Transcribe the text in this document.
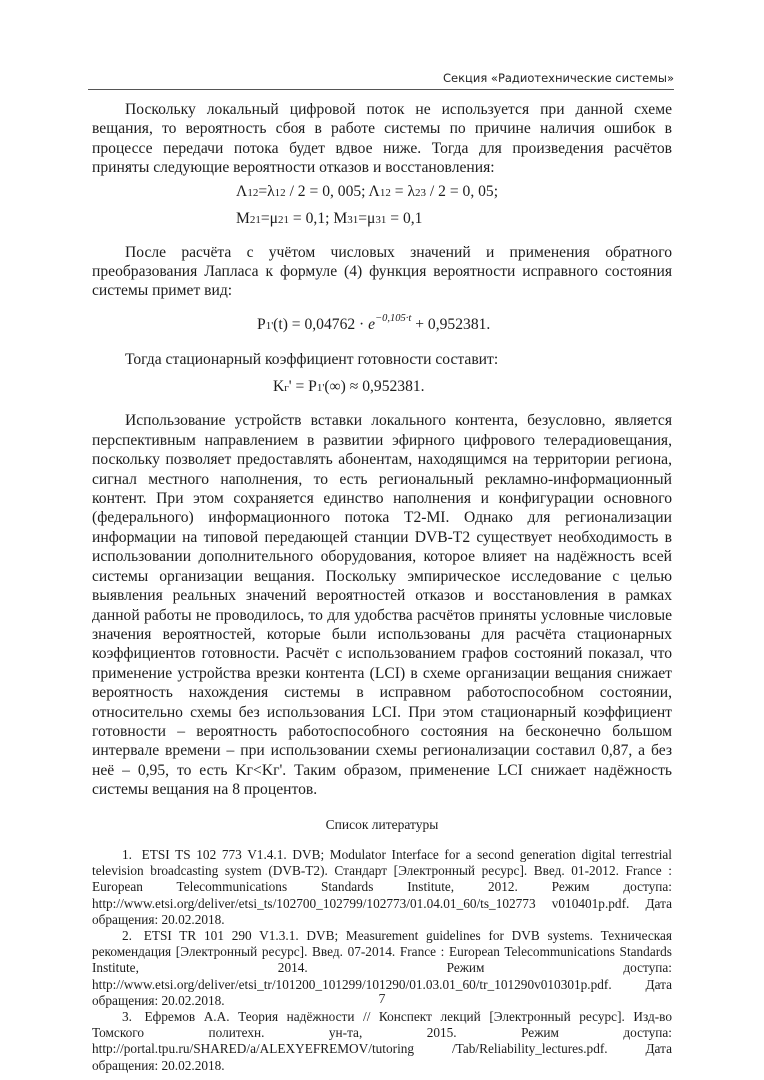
Секция «Радиотехнические системы»

Поскольку локальный цифровой поток не используется при данной схеме вещания, то вероятность сбоя в работе системы по причине наличия ошибок в процессе передачи потока будет вдвое ниже. Тогда для произведения расчётов приняты следующие вероятности отказов и восстановления:

Λ12=λ12 / 2 = 0, 005; Λ12 = λ23 / 2 = 0, 05;
M21=μ21 = 0,1; M31=μ31 = 0,1

После расчёта с учётом числовых значений и применения обратного преобразования Лапласа к формуле (4) функция вероятности исправного состояния системы примет вид:

$P1'(t) = 0,04762 \cdot e^{-0,105\cdot t} + 0,952381$.

Тогда стационарный коэффициент готовности составит:

Kг' = P1'(∞) ≈ 0,952381.

Использование устройств вставки локального контента, безусловно, является перспективным направлением в развитии эфирного цифрового телерадиовещания, поскольку позволяет предоставлять абонентам, находящимся на территории региона, сигнал местного наполнения, то есть региональный рекламно-информационный контент. При этом сохраняется единство наполнения и конфигурации основного (федерального) информационного потока T2-MI. Однако для регионализации информации на типовой передающей станции DVB-T2 существует необходимость в использовании дополнительного оборудования, которое влияет на надёжность всей системы организации вещания. Поскольку эмпирическое исследование с целью выявления реальных значений вероятностей отказов и восстановления в рамках данной работы не проводилось, то для удобства расчётов приняты условные числовые значения вероятностей, которые были использованы для расчёта стационарных коэффициентов готовности. Расчёт с использованием графов состояний показал, что применение устройства врезки контента (LCI) в схеме организации вещания снижает вероятность нахождения системы в исправном работоспособном состоянии, относительно схемы без использования LCI. При этом стационарный коэффициент готовности – вероятность работоспособного состояния на бесконечно большом интервале времени – при использовании схемы регионализации составил 0,87, а без неё – 0,95, то есть Kг<Kг'. Таким образом, применение LCI снижает надёжность системы вещания на 8 процентов.

Список литературы

1. ETSI TS 102 773 V1.4.1. DVB; Modulator Interface for a second generation digital terrestrial television broadcasting system (DVB-T2). Стандарт [Электронный ресурс]. Введ. 01-2012. France : European Telecommunications Standards Institute, 2012. Режим доступа: http://www.etsi.org/deliver/etsi_ts/102700_102799/102773/01.04.01_60/ts_102773 v010401p.pdf. Дата обращения: 20.02.2018.

2. ETSI TR 101 290 V1.3.1. DVB; Measurement guidelines for DVB systems. Техническая рекомендация [Электронный ресурс]. Введ. 07-2014. France : European Telecommunications Standards Institute, 2014. Режим доступа: http://www.etsi.org/deliver/etsi_tr/101200_101299/101290/01.03.01_60/tr_101290v010301p.pdf. Дата обращения: 20.02.2018.

3. Ефремов А.А. Теория надёжности // Конспект лекций [Электронный ресурс]. Изд-во Томского политехн. ун-та, 2015. Режим доступа: http://portal.tpu.ru/SHARED/a/ALEXYEFREMOV/tutoring /Tab/Reliability_lectures.pdf. Дата обращения: 20.02.2018.

7
